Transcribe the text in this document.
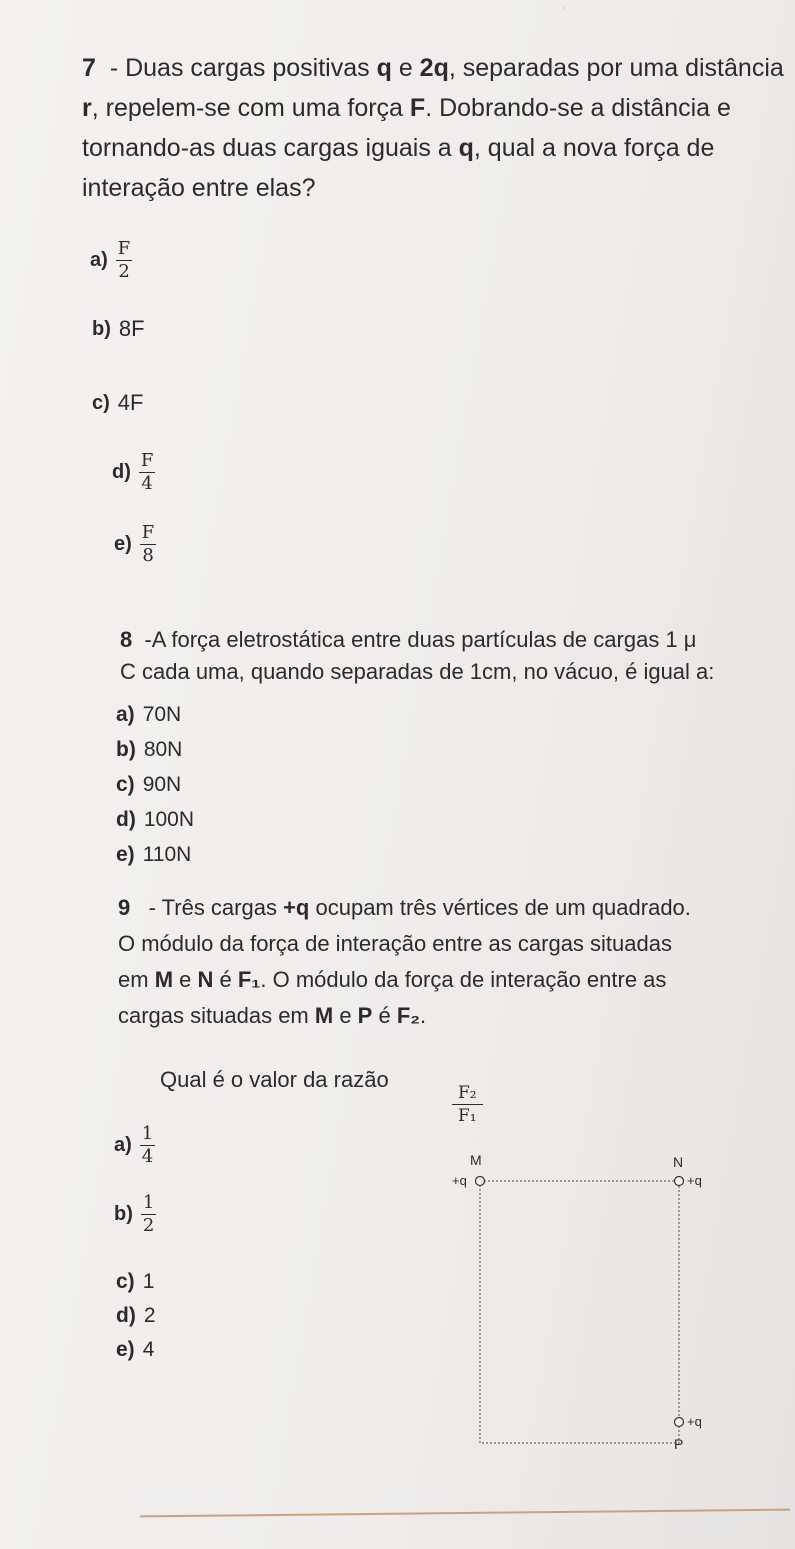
ˈ
7 - Duas cargas positivas q e 2q, separadas por uma distância r, repelem-se com uma força F. Dobrando-se a distância e tornando-as duas cargas iguais a q, qual a nova força de interação entre elas?
$a) \frac{F}{2}$
b) 8F
c) 4F
$d) \frac{F}{4}$
$e) \frac{F}{8}$
8 -A força eletrostática entre duas partículas de cargas 1 μ
C cada uma, quando separadas de 1cm, no vácuo, é igual a:
a) 70N
b) 80N
c) 90N
d) 100N
e) 110N
9 - Três cargas +q ocupam três vértices de um quadrado.
O módulo da força de interação entre as cargas situadas
em M e N é F₁. O módulo da força de interação entre as
cargas situadas em M e P é F₂.
Qual é o valor da razão
$\frac{\text{F₂}}{\text{F₁}}$
$a) \frac{1}{4}$
$b) \frac{1}{2}$
c) 1
d) 2
e) 4
M	N
P
+q	+q
+q
